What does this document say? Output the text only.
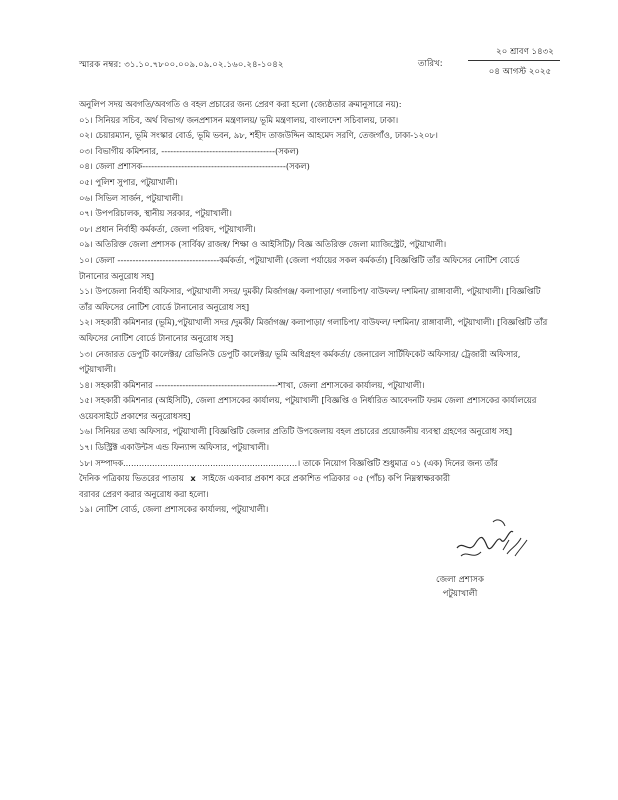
স্মারক নম্বর: ৩১.১০.৭৮০০.০০৯.০৯.০২.১৬০.২৪-১০৪২	তারিখ:
২০ শ্রাবণ ১৪৩২
০৪ আগস্ট ২০২৫

অনুলিপ সদয় অবগতি/অবগতি ও বহল প্রচারের জন্য প্রেরণ করা হলো (জ্যেষ্ঠতার ক্রমানুসারে নয়):

০১। সিনিয়র সচিব, অর্থ বিভাগ/ জনপ্রশাসন মন্ত্রণালয়/ ভূমি মন্ত্রণালয়, বাংলাদেশ সচিবালয়, ঢাকা।

০২। চেয়ারম্যান, ভূমি সংস্কার বোর্ড, ভূমি ভবন, ৯৮, শহীদ তাজউদ্দিন আহমেদ সরণি, তেজগাঁও, ঢাকা-১২০৮।

০৩। বিভাগীয় কমিশনার, --------------------------------------(সকল)

০৪। জেলা প্রশাসক------------------------------------------------(সকল)

০৫। পুলিশ সুপার, পটুয়াখালী।

০৬। সিভিল সার্জন, পটুয়াখালী।

০৭। উপপরিচালক, স্থানীয় সরকার, পটুয়াখালী।

০৮। প্রধান নির্বাহী কর্মকর্তা, জেলা পরিষদ, পটুয়াখালী।

০৯। অতিরিক্ত জেলা প্রশাসক (সার্বিক/ রাজস্ব/ শিক্ষা ও আইসিটি)/ বিজ্ঞ অতিরিক্ত জেলা ম্যাজিস্ট্রেট, পটুয়াখালী।

১০। জেলা ----------------------------------কর্মকর্তা, পটুয়াখালী (জেলা পর্যায়ের সকল কর্মকর্তা) [বিজ্ঞপ্তিটি তাঁর অফিসের নোটিশ বোর্ডে টানানোর অনুরোধ সহ]

১১। উপজেলা নির্বাহী অফিসার, পটুয়াখালী সদর/ দুমকী/ মির্জাগঞ্জ/ কলাপাড়া/ গলাচিপা/ বাউফল/ দশমিনা/ রাঙ্গাবালী, পটুয়াখালী। [বিজ্ঞপ্তিটি তাঁর অফিসের নোটিশ বোর্ডে টানানোর অনুরোধ সহ]

১২। সহকারী কমিশনার (ভূমি),পটুয়াখালী সদর /দুমকী/ মির্জাগঞ্জ/ কলাপাড়া/ গলাচিপা/ বাউফল/ দশমিনা/ রাঙ্গাবালী, পটুয়াখালী। [বিজ্ঞপ্তিটি তাঁর অফিসের নোটিশ বোর্ডে টানানোর অনুরোধ সহ]

১৩। নেজারত ডেপুটি কালেক্টর/ রেভিনিউ ডেপুটি কালেক্টর/ ভূমি অধিগ্রহণ কর্মকর্তা/ জেনারেল সার্টিফিকেট অফিসার/ ট্রেজারী অফিসার, পটুয়াখালী।

১৪। সহকারী কমিশনার -----------------------------------------শাখা, জেলা প্রশাসকের কার্যালয়, পটুয়াখালী।

১৫। সহকারী কমিশনার (আইসিটি), জেলা প্রশাসকের কার্যালয়, পটুয়াখালী [বিজ্ঞপ্তি ও নির্ধারিত আবেদনটি ফরম জেলা প্রশাসকের কার্যালয়ের ওয়েবসাইটে প্রকাশের অনুরোধসহ]

১৬। সিনিয়র তথ্য অফিসার, পটুয়াখালী [বিজ্ঞপ্তিটি জেলার প্রতিটি উপজেলায় বহল প্রচারের প্রয়োজনীয় ব্যবস্থা গ্রহণের অনুরোধ সহ]

১৭। ডিস্ট্রিক্ট একাউন্টস এন্ড ফিন্যান্স অফিসার, পটুয়াখালী।

১৮। সম্পাদক..................................................................। তাকে নিয়োগ বিজ্ঞপ্তিটি শুধুমাত্র ০১ (এক) দিনের জন্য তাঁর
দৈনিক পত্রিকায় ভিতরের পাতায় x সাইজে একবার প্রকাশ করে প্রকাশিত পত্রিকার ০৫ (পাঁচ) কপি নিম্নস্বাক্ষরকারী
বরাবর প্রেরণ করার অনুরোধ করা হলো।

১৯। নোটিশ বোর্ড, জেলা প্রশাসকের কার্যালয়, পটুয়াখালী।

জেলা প্রশাসক
পটুয়াখালী
